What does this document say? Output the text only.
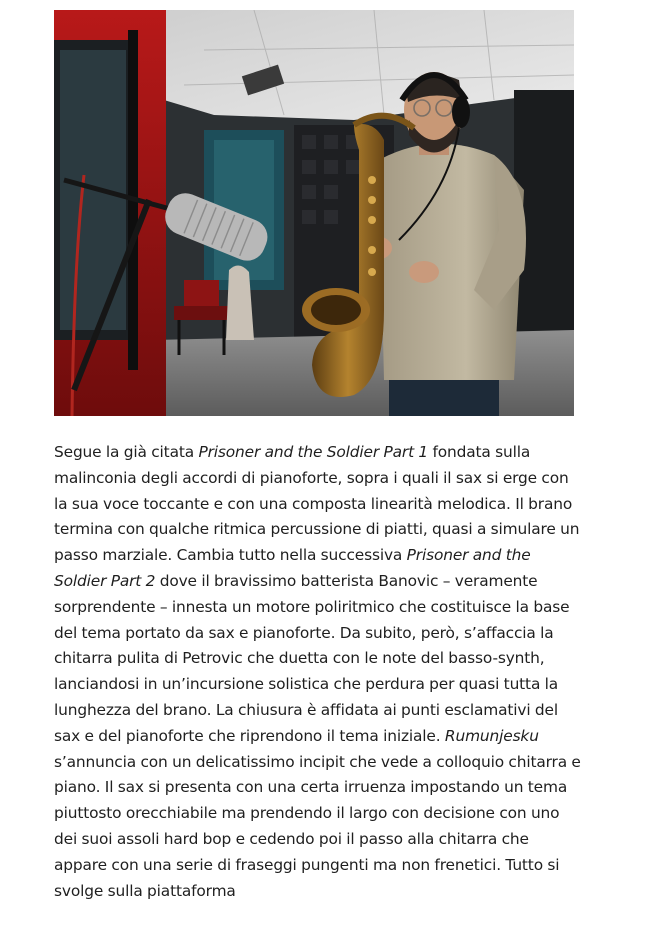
Segue la già citata Prisoner and the Soldier Part 1 fondata sulla malinconia degli accordi di pianoforte, sopra i quali il sax si erge con la sua voce toccante e con una composta linearità melodica. Il brano termina con qualche ritmica percussione di piatti, quasi a simulare un passo marziale. Cambia tutto nella successiva Prisoner and the Soldier Part 2 dove il bravissimo batterista Banovic – veramente sorprendente – innesta un motore poliritmico che costituisce la base del tema portato da sax e pianoforte. Da subito, però, s’affaccia la chitarra pulita di Petrovic che duetta con le note del basso-synth, lanciandosi in un’incursione solistica che perdura per quasi tutta la lunghezza del brano. La chiusura è affidata ai punti esclamativi del sax e del pianoforte che riprendono il tema iniziale. Rumunjesku s’annuncia con un delicatissimo incipit che vede a colloquio chitarra e piano. Il sax si presenta con una certa irruenza impostando un tema piuttosto orecchiabile ma prendendo il largo con decisione con uno dei suoi assoli hard bop e cedendo poi il passo alla chitarra che appare con una serie di fraseggi pungenti ma non frenetici. Tutto si svolge sulla piattaforma
